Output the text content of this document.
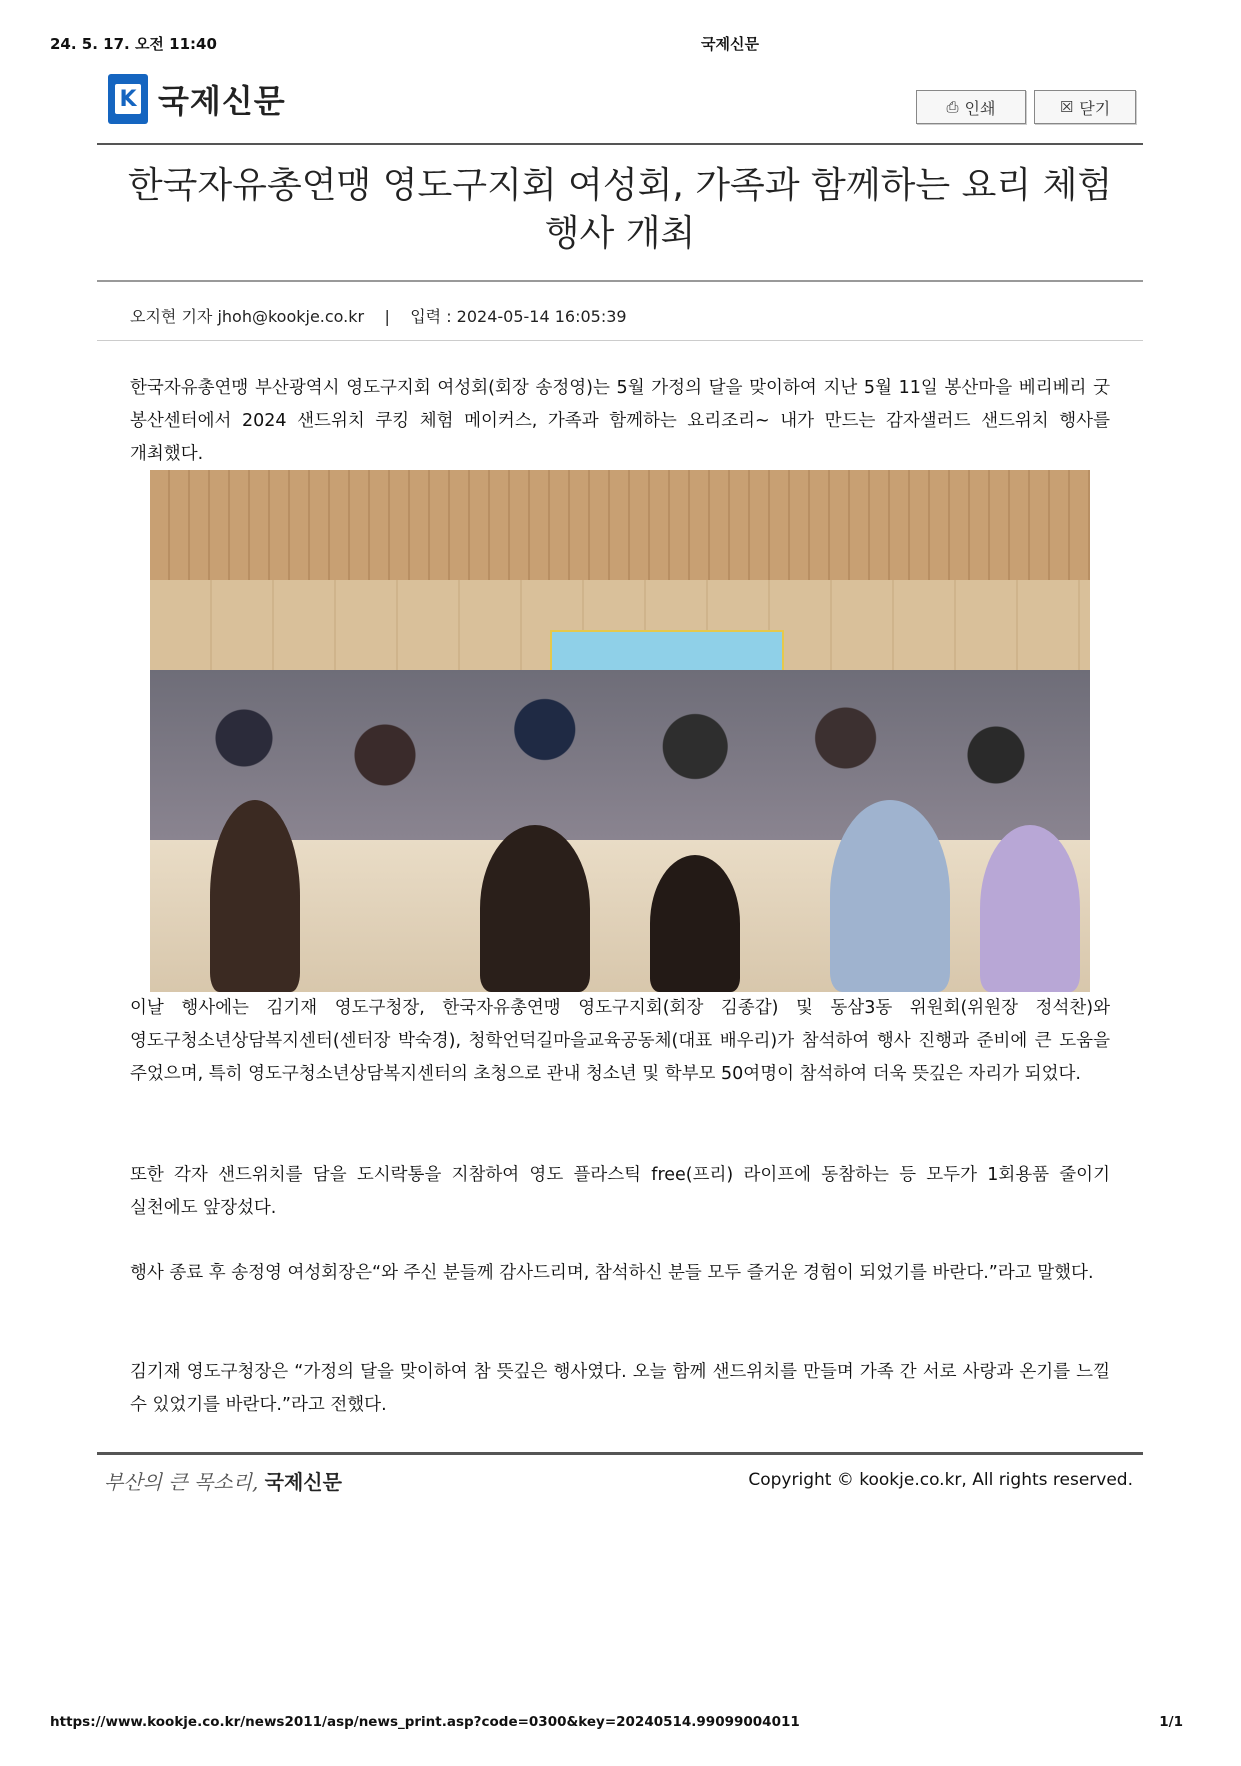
24. 5. 17. 오전 11:40	국제신문
K 국제신문	⎙ 인쇄	☒ 닫기
한국자유총연맹 영도구지회 여성회, 가족과 함께하는 요리 체험
행사 개최
오지현 기자 jhoh@kookje.co.kr    |    입력 : 2024-05-14 16:05:39
한국자유총연맹 부산광역시 영도구지회 여성회(회장 송정영)는 5월 가정의 달을 맞이하여 지난 5월 11일 봉산마을 베리베리 굿 봉산센터에서 2024 샌드위치 쿠킹 체험 메이커스, 가족과 함께하는 요리조리~ 내가 만드는 감자샐러드 샌드위치 행사를 개최했다.
이날 행사에는 김기재 영도구청장, 한국자유총연맹 영도구지회(회장 김종갑) 및 동삼3동 위원회(위원장 정석찬)와 영도구청소년상담복지센터(센터장 박숙경), 청학언덕길마을교육공동체(대표 배우리)가 참석하여 행사 진행과 준비에 큰 도움을 주었으며, 특히 영도구청소년상담복지센터의 초청으로 관내 청소년 및 학부모 50여명이 참석하여 더욱 뜻깊은 자리가 되었다.
또한 각자 샌드위치를 담을 도시락통을 지참하여 영도 플라스틱 free(프리) 라이프에 동참하는 등 모두가 1회용품 줄이기 실천에도 앞장섰다.
행사 종료 후 송정영 여성회장은“와 주신 분들께 감사드리며, 참석하신 분들 모두 즐거운 경험이 되었기를 바란다.”라고 말했다.
김기재 영도구청장은 “가정의 달을 맞이하여 참 뜻깊은 행사였다. 오늘 함께 샌드위치를 만들며 가족 간 서로 사랑과 온기를 느낄 수 있었기를 바란다.”라고 전했다.
부산의 큰 목소리, 국제신문	Copyright © kookje.co.kr, All rights reserved.
https://www.kookje.co.kr/news2011/asp/news_print.asp?code=0300&key=20240514.99099004011	1/1
